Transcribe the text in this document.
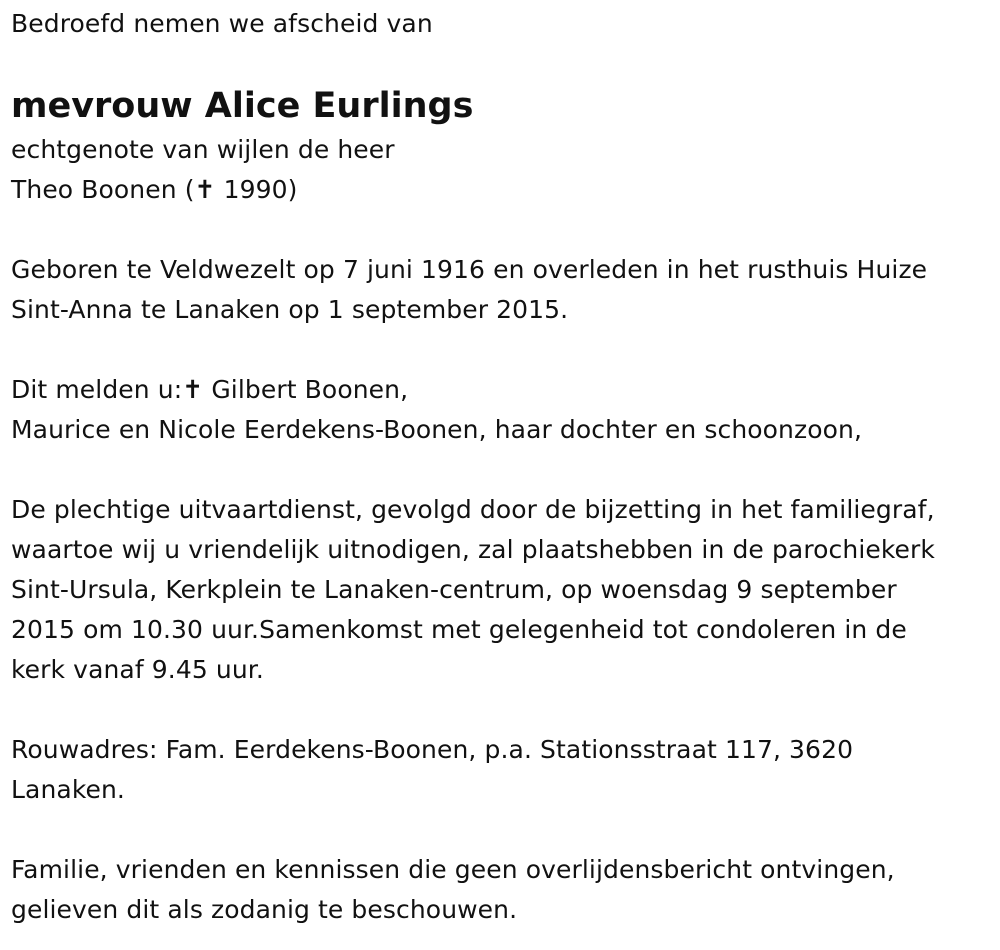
Bedroefd nemen we afscheid van
mevrouw Alice Eurlings
echtgenote van wijlen de heer
Theo Boonen (✝ 1990)
Geboren te Veldwezelt op 7 juni 1916 en overleden in het rusthuis Huize
Sint-Anna te Lanaken op 1 september 2015.
Dit melden u:✝ Gilbert Boonen,
Maurice en Nicole Eerdekens-Boonen, haar dochter en schoonzoon,
De plechtige uitvaartdienst, gevolgd door de bijzetting in het familiegraf,
waartoe wij u vriendelijk uitnodigen, zal plaatshebben in de parochiekerk
Sint-Ursula, Kerkplein te Lanaken-centrum, op woensdag 9 september
2015 om 10.30 uur.Samenkomst met gelegenheid tot condoleren in de
kerk vanaf 9.45 uur.
Rouwadres: Fam. Eerdekens-Boonen, p.a. Stationsstraat 117, 3620
Lanaken.
Familie, vrienden en kennissen die geen overlijdensbericht ontvingen,
gelieven dit als zodanig te beschouwen.
